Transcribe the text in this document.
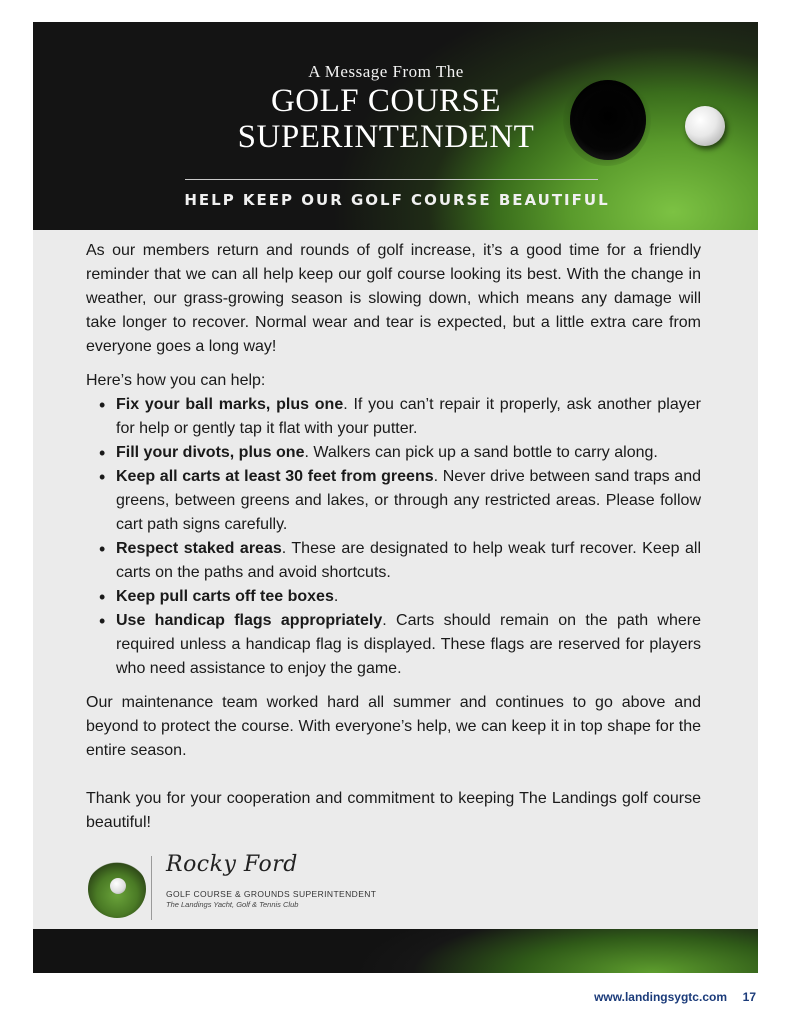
A Message From The
GOLF COURSE
SUPERINTENDENT
HELP KEEP OUR GOLF COURSE BEAUTIFUL

As our members return and rounds of golf increase, it’s a good time for a friendly reminder that we can all help keep our golf course looking its best. With the change in weather, our grass-growing season is slowing down, which means any damage will take longer to recover. Normal wear and tear is expected, but a little extra care from everyone goes a long way!

Here’s how you can help:

• Fix your ball marks, plus one. If you can’t repair it properly, ask another player for help or gently tap it flat with your putter.
• Fill your divots, plus one. Walkers can pick up a sand bottle to carry along.
• Keep all carts at least 30 feet from greens. Never drive between sand traps and greens, between greens and lakes, or through any restricted areas. Please follow cart path signs carefully.
• Respect staked areas. These are designated to help weak turf recover. Keep all carts on the paths and avoid shortcuts.
• Keep pull carts off tee boxes.
• Use handicap flags appropriately. Carts should remain on the path where required unless a handicap flag is displayed. These flags are reserved for players who need assistance to enjoy the game.

Our maintenance team worked hard all summer and continues to go above and beyond to protect the course. With everyone’s help, we can keep it in top shape for the entire season.

Thank you for your cooperation and commitment to keeping The Landings golf course beautiful!

Rocky Ford
GOLF COURSE & GROUNDS SUPERINTENDENT
The Landings Yacht, Golf & Tennis Club
www.landingsygtc.com 17
